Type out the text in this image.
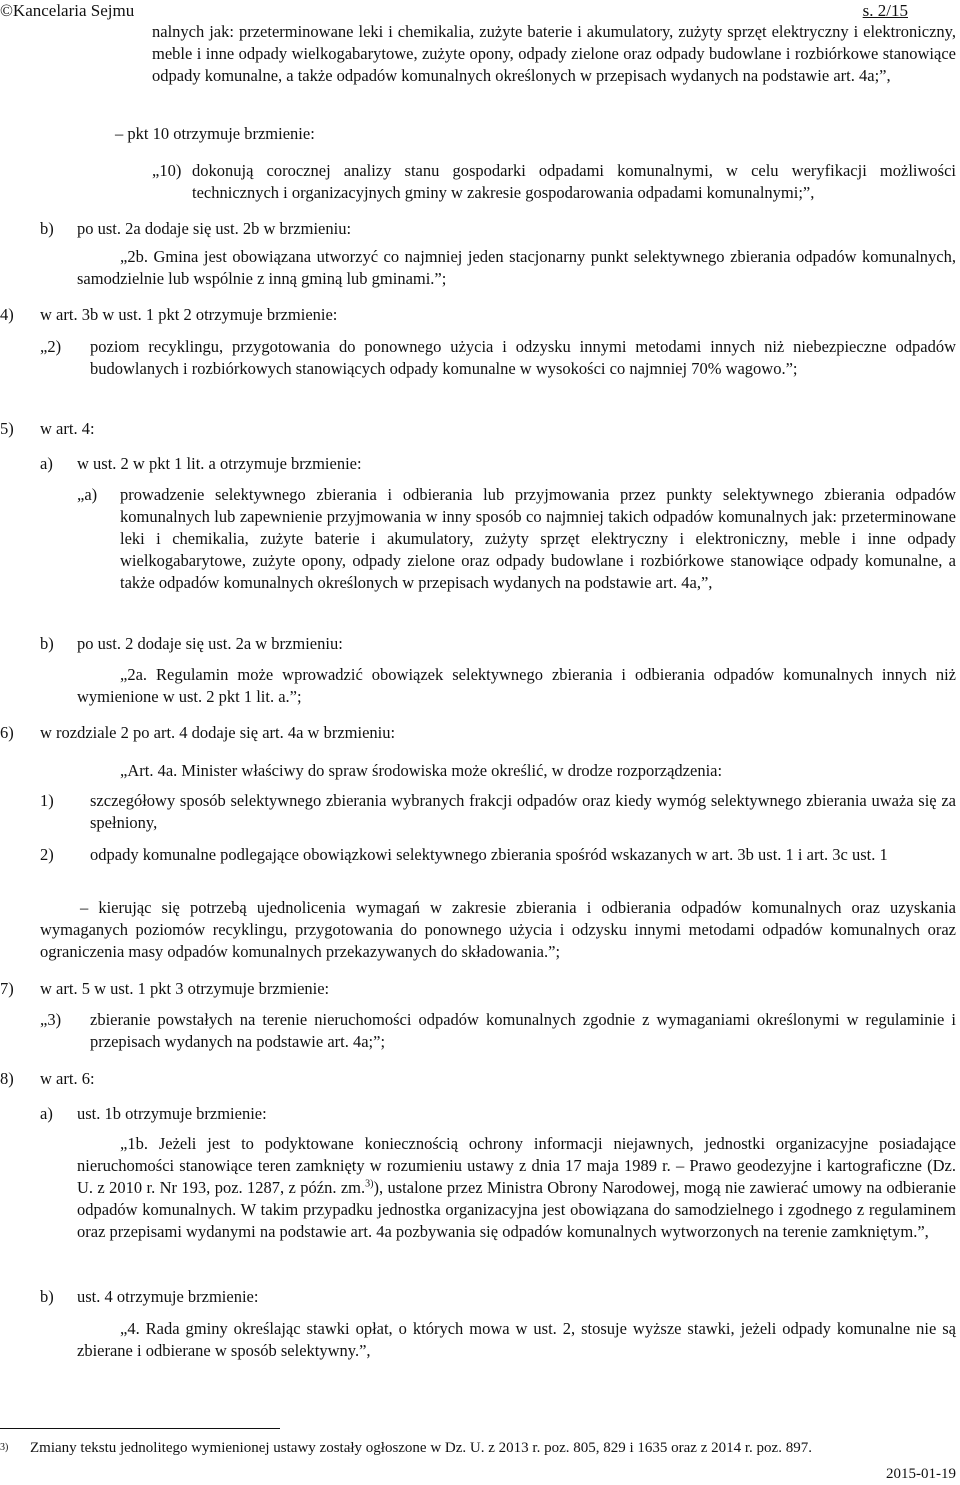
©Kancelaria Sejmu	s. 2/15
nalnych jak: przeterminowane leki i chemikalia, zużyte baterie i akumulatory, zużyty sprzęt elektryczny i elektroniczny, meble i inne odpady wielkogabarytowe, zużyte opony, odpady zielone oraz odpady budowlane i rozbiórkowe stanowiące odpady komunalne, a także odpadów komunalnych określonych w przepisach wydanych na podstawie art. 4a;”,
– pkt 10 otrzymuje brzmienie:
„10) dokonują corocznej analizy stanu gospodarki odpadami komunalnymi, w celu weryfikacji możliwości technicznych i organizacyjnych gminy w zakresie gospodarowania odpadami komunalnymi;”,
b)	po ust. 2a dodaje się ust. 2b w brzmieniu:
„2b. Gmina jest obowiązana utworzyć co najmniej jeden stacjonarny punkt selektywnego zbierania odpadów komunalnych, samodzielnie lub wspólnie z inną gminą lub gminami.”;
4)	w art. 3b w ust. 1 pkt 2 otrzymuje brzmienie:
„2)	poziom recyklingu, przygotowania do ponownego użycia i odzysku innymi metodami innych niż niebezpieczne odpadów budowlanych i rozbiórkowych stanowiących odpady komunalne w wysokości co najmniej 70% wagowo.”;
5)	w art. 4:
a)	w ust. 2 w pkt 1 lit. a otrzymuje brzmienie:
„a)	prowadzenie selektywnego zbierania i odbierania lub przyjmowania przez punkty selektywnego zbierania odpadów komunalnych lub zapewnienie przyjmowania w inny sposób co najmniej takich odpadów komunalnych jak: przeterminowane leki i chemikalia, zużyte baterie i akumulatory, zużyty sprzęt elektryczny i elektroniczny, meble i inne odpady wielkogabarytowe, zużyte opony, odpady zielone oraz odpady budowlane i rozbiórkowe stanowiące odpady komunalne, a także odpadów komunalnych określonych w przepisach wydanych na podstawie art. 4a,”,
b)	po ust. 2 dodaje się ust. 2a w brzmieniu:
„2a. Regulamin może wprowadzić obowiązek selektywnego zbierania i odbierania odpadów komunalnych innych niż wymienione w ust. 2 pkt 1 lit. a.”;
6)	w rozdziale 2 po art. 4 dodaje się art. 4a w brzmieniu:
„Art. 4a. Minister właściwy do spraw środowiska może określić, w drodze rozporządzenia:
1)	szczegółowy sposób selektywnego zbierania wybranych frakcji odpadów oraz kiedy wymóg selektywnego zbierania uważa się za spełniony,
2)	odpady komunalne podlegające obowiązkowi selektywnego zbierania spośród wskazanych w art. 3b ust. 1 i art. 3c ust. 1
– kierując się potrzebą ujednolicenia wymagań w zakresie zbierania i odbierania odpadów komunalnych oraz uzyskania wymaganych poziomów recyklingu, przygotowania do ponownego użycia i odzysku innymi metodami odpadów komunalnych oraz ograniczenia masy odpadów komunalnych przekazywanych do składowania.”;
7)	w art. 5 w ust. 1 pkt 3 otrzymuje brzmienie:
„3)	zbieranie powstałych na terenie nieruchomości odpadów komunalnych zgodnie z wymaganiami określonymi w regulaminie i przepisach wydanych na podstawie art. 4a;”;
8)	w art. 6:
a)	ust. 1b otrzymuje brzmienie:
„1b. Jeżeli jest to podyktowane koniecznością ochrony informacji niejawnych, jednostki organizacyjne posiadające nieruchomości stanowiące teren zamknięty w rozumieniu ustawy z dnia 17 maja 1989 r. – Prawo geodezyjne i kartograficzne (Dz. U. z 2010 r. Nr 193, poz. 1287, z późn. zm.$^{3)}$), ustalone przez Ministra Obrony Narodowej, mogą nie zawierać umowy na odbieranie odpadów komunalnych. W takim przypadku jednostka organizacyjna jest obowiązana do samodzielnego i zgodnego z regulaminem oraz przepisami wydanymi na podstawie art. 4a pozbywania się odpadów komunalnych wytworzonych na terenie zamkniętym.”,
b)	ust. 4 otrzymuje brzmienie:
„4. Rada gminy określając stawki opłat, o których mowa w ust. 2, stosuje wyższe stawki, jeżeli odpady komunalne nie są zbierane i odbierane w sposób selektywny.”,
3)	Zmiany tekstu jednolitego wymienionej ustawy zostały ogłoszone w Dz. U. z 2013 r. poz. 805, 829 i 1635 oraz z 2014 r. poz. 897.
2015-01-19
